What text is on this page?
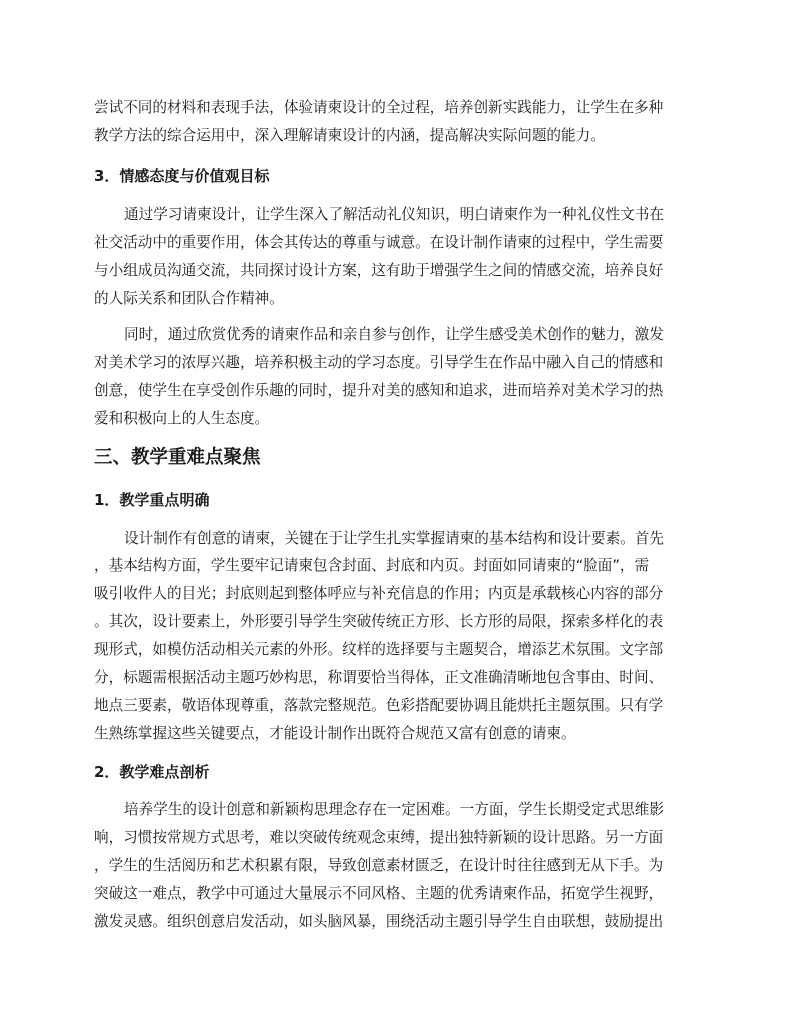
尝试不同的材料和表现手法，体验请柬设计的全过程，培养创新实践能力，让学生在多种
教学方法的综合运用中，深入理解请柬设计的内涵，提高解决实际问题的能力。
3．情感态度与价值观目标
通过学习请柬设计，让学生深入了解活动礼仪知识，明白请柬作为一种礼仪性文书在
社交活动中的重要作用，体会其传达的尊重与诚意。在设计制作请柬的过程中，学生需要
与小组成员沟通交流，共同探讨设计方案，这有助于增强学生之间的情感交流，培养良好
的人际关系和团队合作精神。
同时，通过欣赏优秀的请柬作品和亲自参与创作，让学生感受美术创作的魅力，激发
对美术学习的浓厚兴趣，培养积极主动的学习态度。引导学生在作品中融入自己的情感和
创意，使学生在享受创作乐趣的同时，提升对美的感知和追求，进而培养对美术学习的热
爱和积极向上的人生态度。
三、教学重难点聚焦
1．教学重点明确
设计制作有创意的请柬，关键在于让学生扎实掌握请柬的基本结构和设计要素。首先
，基本结构方面，学生要牢记请柬包含封面、封底和内页。封面如同请柬的“脸面”，需
吸引收件人的目光；封底则起到整体呼应与补充信息的作用；内页是承载核心内容的部分
。其次，设计要素上，外形要引导学生突破传统正方形、长方形的局限，探索多样化的表
现形式，如模仿活动相关元素的外形。纹样的选择要与主题契合，增添艺术氛围。文字部
分，标题需根据活动主题巧妙构思，称谓要恰当得体，正文准确清晰地包含事由、时间、
地点三要素，敬语体现尊重，落款完整规范。色彩搭配要协调且能烘托主题氛围。只有学
生熟练掌握这些关键要点，才能设计制作出既符合规范又富有创意的请柬。
2．教学难点剖析
培养学生的设计创意和新颖构思理念存在一定困难。一方面，学生长期受定式思维影
响，习惯按常规方式思考，难以突破传统观念束缚，提出独特新颖的设计思路。另一方面
，学生的生活阅历和艺术积累有限，导致创意素材匮乏，在设计时往往感到无从下手。为
突破这一难点，教学中可通过大量展示不同风格、主题的优秀请柬作品，拓宽学生视野，
激发灵感。组织创意启发活动，如头脑风暴，围绕活动主题引导学生自由联想，鼓励提出
